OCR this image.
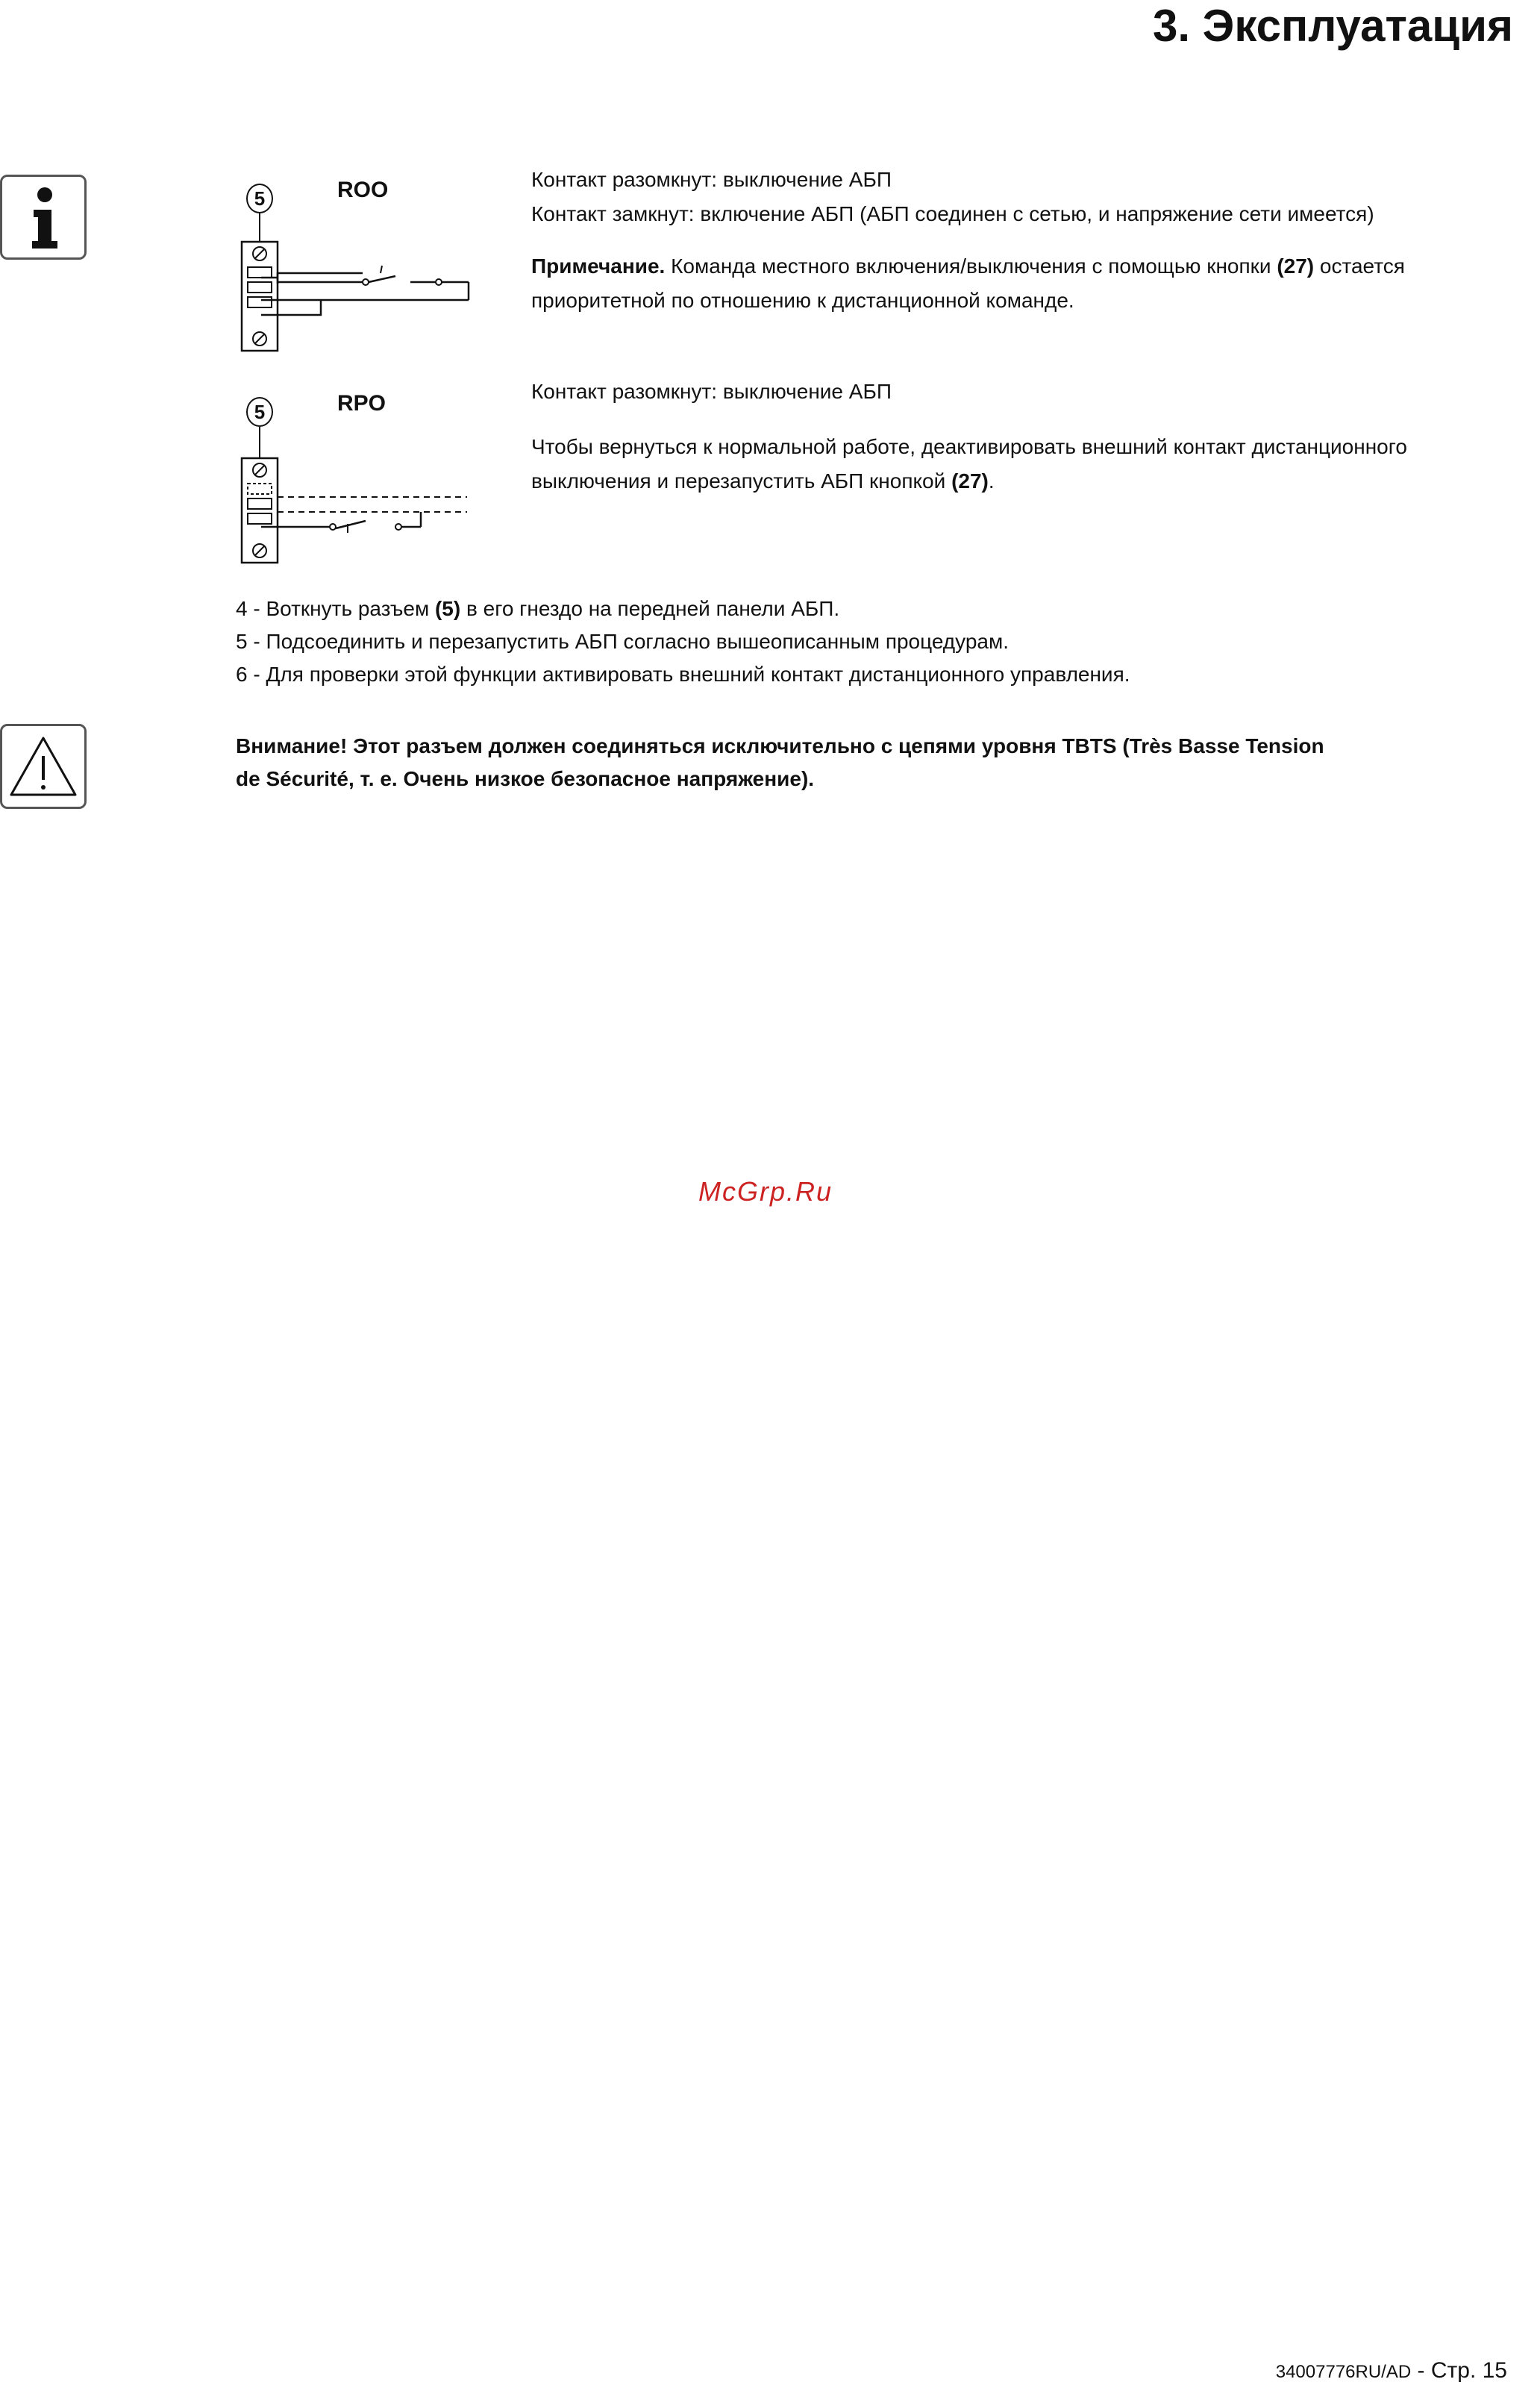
3. Эксплуатация
5	ROO	Контакт разомкнут: выключение АБП
Контакт замкнут: включение АБП (АБП соединен с сетью, и напряжение сети имеется)
Примечание. Команда местного включения/выключения с помощью кнопки (27) остается
приоритетной по отношению к дистанционной команде.
5	RPO	Контакт разомкнут: выключение АБП
Чтобы вернуться к нормальной работе, деактивировать внешний контакт дистанционного
выключения и перезапустить АБП кнопкой (27).
4 - Воткнуть разъем (5) в его гнездо на передней панели АБП.
5 - Подсоединить и перезапустить АБП согласно вышеописанным процедурам.
6 - Для проверки этой функции активировать внешний контакт дистанционного управления.
Внимание! Этот разъем должен соединяться исключительно с цепями уровня TBTS (Très Basse Tension
de Sécurité, т. е. Очень низкое безопасное напряжение).
McGrp.Ru
34007776RU/AD - Стр. 15
